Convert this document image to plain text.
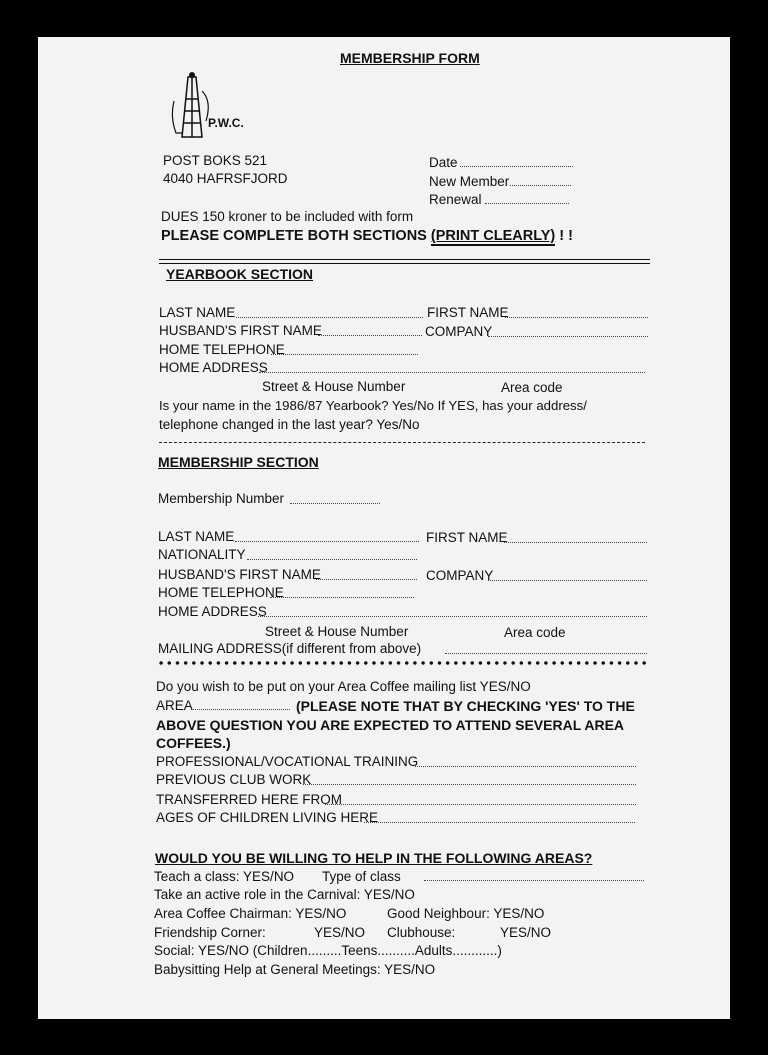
MEMBERSHIP FORM
P.W.C.
POST BOKS 521
4040 HAFRSFJORD
Date
New Member
Renewal
DUES 150 kroner to be included with form
PLEASE COMPLETE BOTH SECTIONS (PRINT CLEARLY) ! !
YEARBOOK SECTION
LAST NAME	FIRST NAME
HUSBAND'S FIRST NAME	COMPANY
HOME TELEPHONE
HOME ADDRESS
Street & House Number	Area code
Is your name in the 1986/87 Yearbook? Yes/No If YES, has your address/
telephone changed in the last year? Yes/No
MEMBERSHIP SECTION
Membership Number
LAST NAME	FIRST NAME
NATIONALITY
HUSBAND'S FIRST NAME	COMPANY
HOME TELEPHONE
HOME ADDRESS
Street & House Number	Area code
MAILING ADDRESS(if different from above)
Do you wish to be put on your Area Coffee mailing list YES/NO
AREA	(PLEASE NOTE THAT BY CHECKING 'YES' TO THE
ABOVE QUESTION YOU ARE EXPECTED TO ATTEND SEVERAL AREA
COFFEES.)
PROFESSIONAL/VOCATIONAL TRAINING
PREVIOUS CLUB WORK
TRANSFERRED HERE FROM
AGES OF CHILDREN LIVING HERE
WOULD YOU BE WILLING TO HELP IN THE FOLLOWING AREAS?
Teach a class: YES/NO Type of class
Take an active role in the Carnival: YES/NO
Area Coffee Chairman: YES/NO	Good Neighbour: YES/NO
Friendship Corner:	YES/NO Clubhouse:	YES/NO
Social: YES/NO (Children.........Teens..........Adults............)
Babysitting Help at General Meetings: YES/NO
